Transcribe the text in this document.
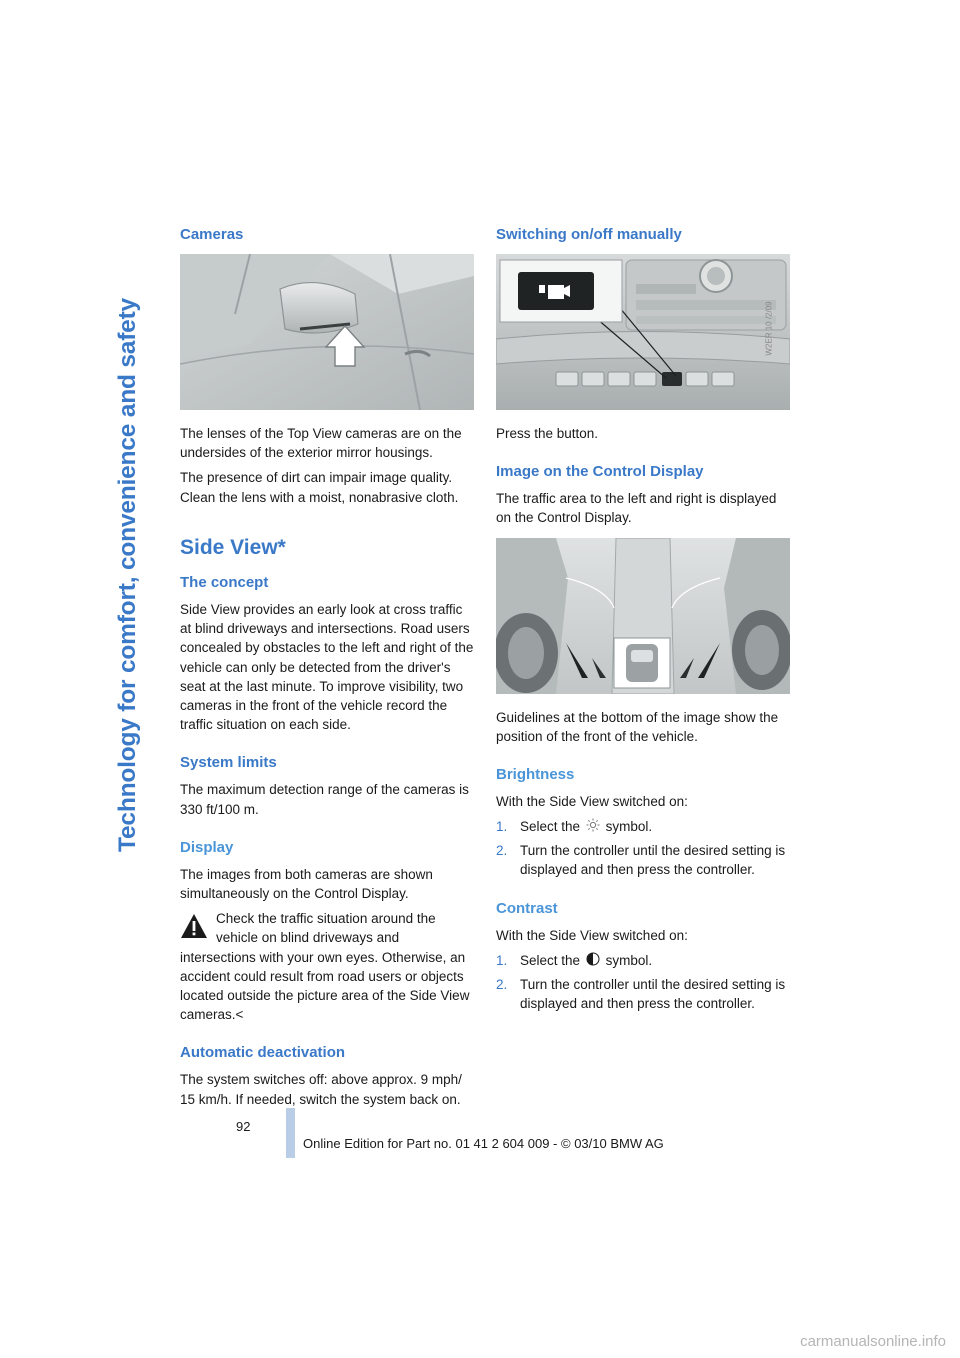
Technology for comfort, convenience and safety
Cameras

The lenses of the Top View cameras are on the undersides of the exterior mirror housings.

The presence of dirt can impair image quality. Clean the lens with a moist, nonabrasive cloth.

Side View*
The concept

Side View provides an early look at cross traffic at blind driveways and intersections. Road users concealed by obstacles to the left and right of the vehicle can only be detected from the driver's seat at the last minute. To improve visibility, two cameras in the front of the vehicle record the traffic situation on each side.

System limits

The maximum detection range of the cameras is 330 ft/100 m.

Display

The images from both cameras are shown simultaneously on the Control Display.

Check the traffic situation around the vehicle on blind driveways and intersections with your own eyes. Otherwise, an accident could result from road users or objects located outside the picture area of the Side View cameras.<

Automatic deactivation

The system switches off: above approx. 9 mph/ 15 km/h. If needed, switch the system back on.

Switching on/off manually
W2ER 10 /2/09

Press the button.

Image on the Control Display

The traffic area to the left and right is displayed on the Control Display.

Guidelines at the bottom of the image show the position of the front of the vehicle.

Brightness

With the Side View switched on:

1. Select the symbol.
2. Turn the controller until the desired setting is displayed and then press the controller.
Contrast

With the Side View switched on:

1. Select the symbol.
2. Turn the controller until the desired setting is displayed and then press the controller.
92
Online Edition for Part no. 01 41 2 604 009 - © 03/10 BMW AG
carmanualsonline.info
